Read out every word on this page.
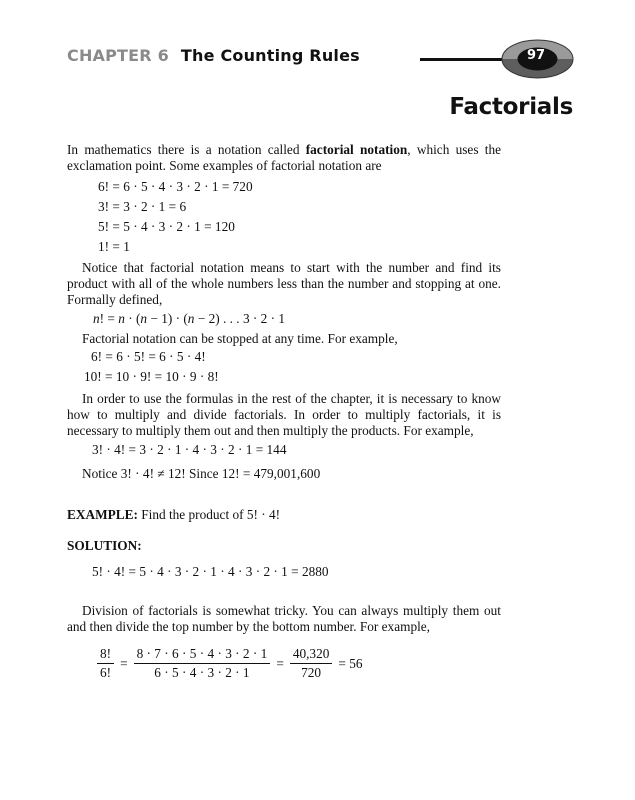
CHAPTER 6 The Counting Rules	97
Factorials

In mathematics there is a notation called factorial notation, which uses the exclamation point. Some examples of factorial notation are

6! = 6 · 5 · 4 · 3 · 2 · 1 = 720
3! = 3 · 2 · 1 = 6
5! = 5 · 4 · 3 · 2 · 1 = 120
1! = 1

Notice that factorial notation means to start with the number and find its product with all of the whole numbers less than the number and stopping at one. Formally defined,

n! = n · (n − 1) · (n − 2) . . . 3 · 2 · 1

Factorial notation can be stopped at any time. For example,

6! = 6 · 5! = 6 · 5 · 4!
10! = 10 · 9! = 10 · 9 · 8!

In order to use the formulas in the rest of the chapter, it is necessary to know how to multiply and divide factorials. In order to multiply factorials, it is necessary to multiply them out and then multiply the products. For example,

3! · 4! = 3 · 2 · 1 · 4 · 3 · 2 · 1 = 144
Notice 3! · 4! ≠ 12! Since 12! = 479,001,600

EXAMPLE: Find the product of 5! · 4!

SOLUTION:

5! · 4! = 5 · 4 · 3 · 2 · 1 · 4 · 3 · 2 · 1 = 2880

Division of factorials is somewhat tricky. You can always multiply them out and then divide the top number by the bottom number. For example,

$\frac{8!}{6!} = \frac{8 \cdot 7 \cdot 6 \cdot 5 \cdot 4 \cdot 3 \cdot 2 \cdot 1}{6 \cdot 5 \cdot 4 \cdot 3 \cdot 2 \cdot 1} = \frac{40,320}{720} = 56$
